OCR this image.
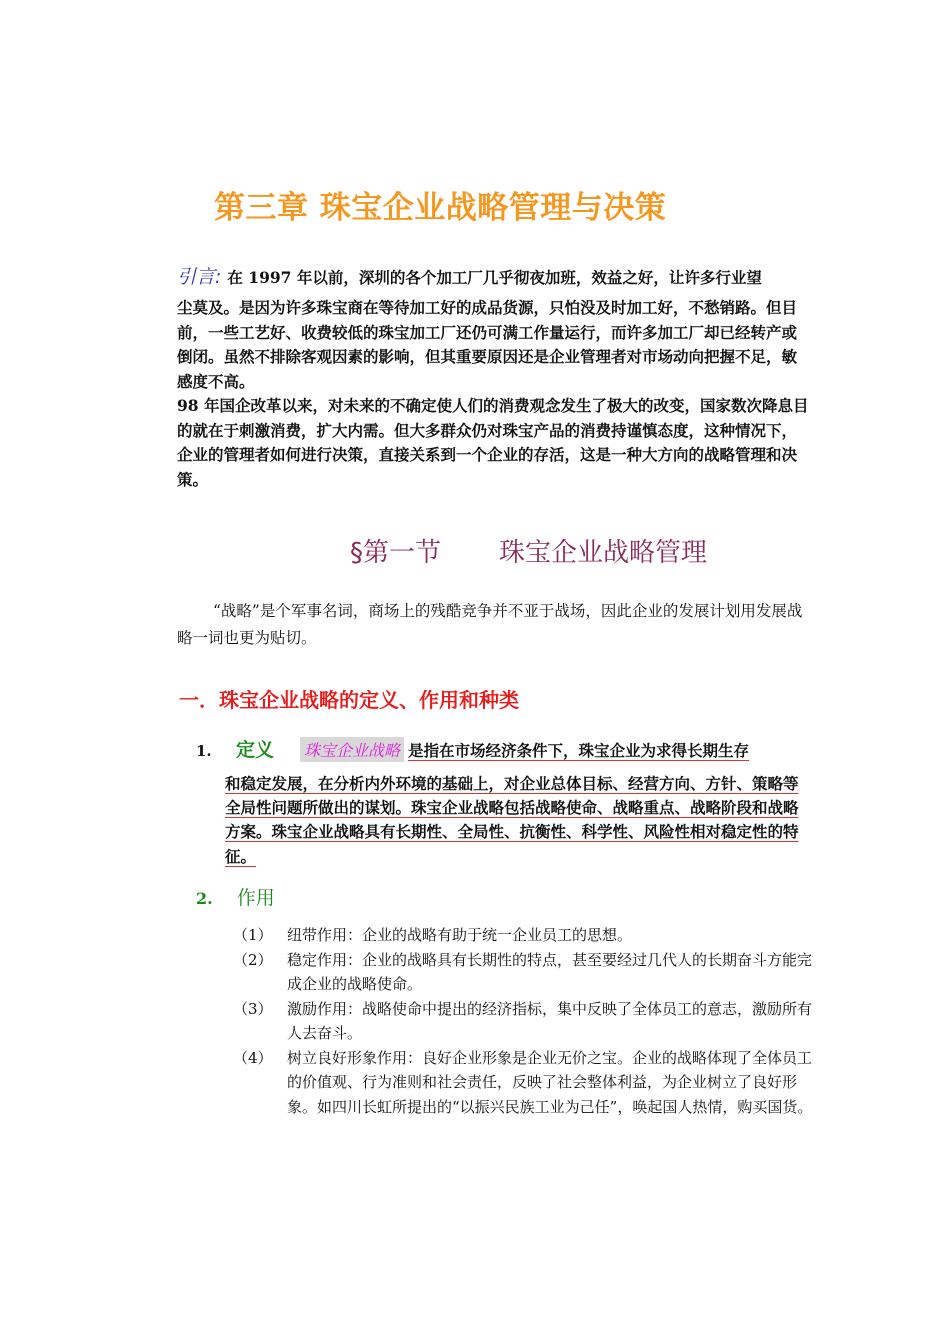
第三章 珠宝企业战略管理与决策

引言: 在 1997 年以前，深圳的各个加工厂几乎彻夜加班，效益之好，让许多行业望

尘莫及。是因为许多珠宝商在等待加工好的成品货源，只怕没及时加工好，不愁销路。但目前，一些工艺好、收费较低的珠宝加工厂还仍可满工作量运行，而许多加工厂却已经转产或倒闭。虽然不排除客观因素的影响，但其重要原因还是企业管理者对市场动向把握不足，敏感度不高。

98 年国企改革以来，对未来的不确定使人们的消费观念发生了极大的改变，国家数次降息目的就在于刺激消费，扩大内需。但大多群众仍对珠宝产品的消费持谨慎态度，这种情况下，企业的管理者如何进行决策，直接关系到一个企业的存活，这是一种大方向的战略管理和决策。

§第一节 珠宝企业战略管理
“战略”是个军事名词，商场上的残酷竞争并不亚于战场，因此企业的发展计划用发展战略一词也更为贴切。
一．珠宝企业战略的定义、作用和种类
1. 定义 珠宝企业战略 是指在市场经济条件下，珠宝企业为求得长期生存
和稳定发展，在分析内外环境的基础上，对企业总体目标、经营方向、方针、策略等全局性问题所做出的谋划。珠宝企业战略包括战略使命、战略重点、战略阶段和战略方案。珠宝企业战略具有长期性、全局性、抗衡性、科学性、风险性相对稳定性的特征。
2. 作用
（1） 纽带作用：企业的战略有助于统一企业员工的思想。
（2） 稳定作用：企业的战略具有长期性的特点，甚至要经过几代人的长期奋斗方能完成企业的战略使命。
（3） 激励作用：战略使命中提出的经济指标，集中反映了全体员工的意志，激励所有人去奋斗。
（4） 树立良好形象作用：良好企业形象是企业无价之宝。企业的战略体现了全体员工的价值观、行为准则和社会责任，反映了社会整体利益，为企业树立了良好形象。如四川长虹所提出的“以振兴民族工业为己任”，唤起国人热情，购买国货。
